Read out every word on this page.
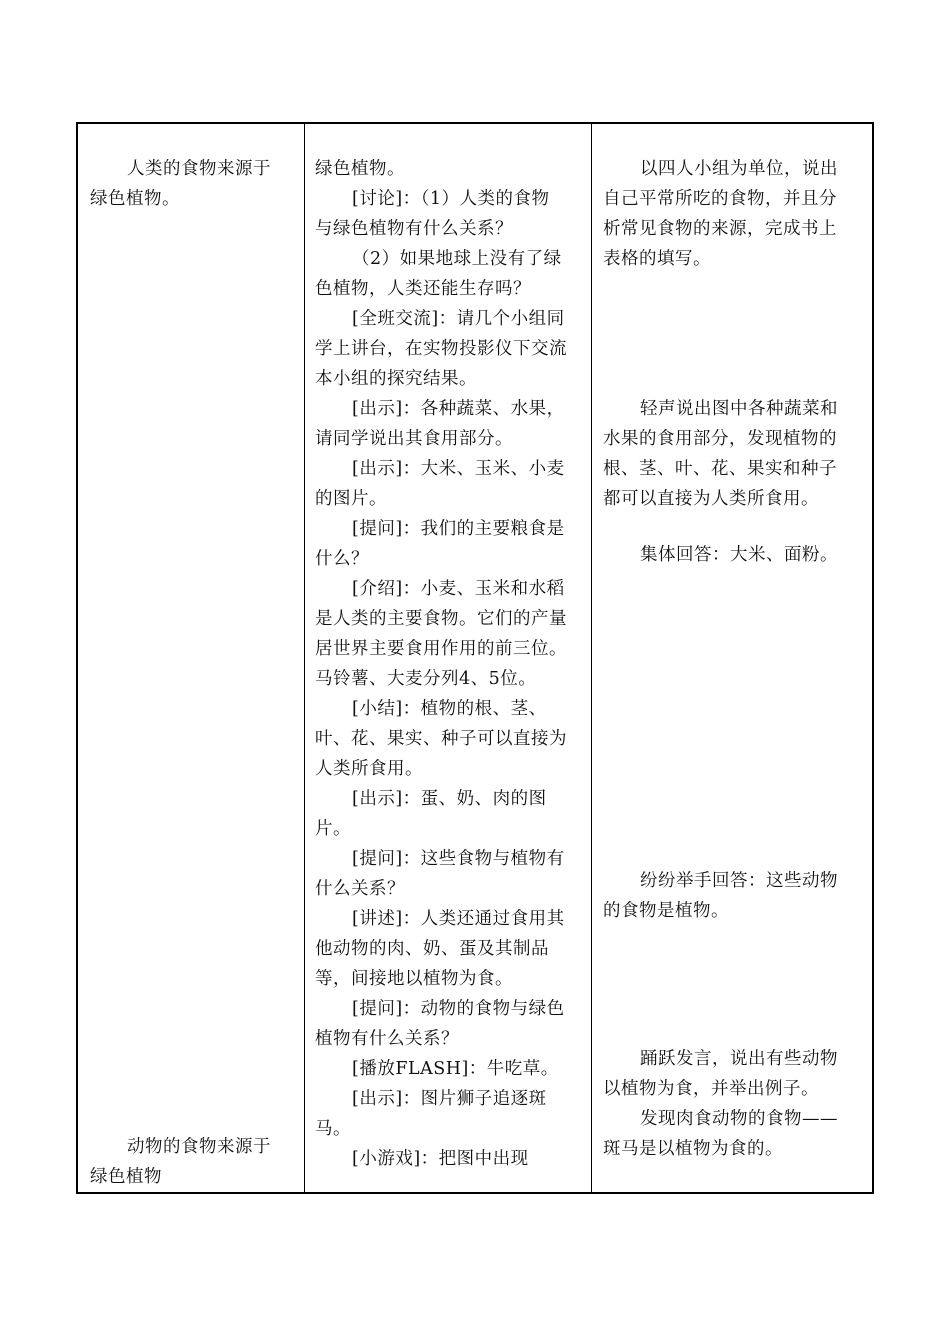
人类的食物来源于

绿色植物。

动物的食物来源于

绿色植物

绿色植物。

[讨论]：（1）人类的食物

与绿色植物有什么关系？

（2）如果地球上没有了绿

色植物，人类还能生存吗？

[全班交流]：请几个小组同

学上讲台，在实物投影仪下交流

本小组的探究结果。

[出示]：各种蔬菜、水果，

请同学说出其食用部分。

[出示]：大米、玉米、小麦

的图片。

[提问]：我们的主要粮食是

什么？

[介绍]：小麦、玉米和水稻

是人类的主要食物。它们的产量

居世界主要食用作用的前三位。

马铃薯、大麦分列4、5位。

[小结]：植物的根、茎、

叶、花、果实、种子可以直接为

人类所食用。

[出示]：蛋、奶、肉的图

片。

[提问]：这些食物与植物有

什么关系？

[讲述]：人类还通过食用其

他动物的肉、奶、蛋及其制品

等，间接地以植物为食。

[提问]：动物的食物与绿色

植物有什么关系？

[播放FLASH]：牛吃草。

[出示]：图片狮子追逐斑

马。

[小游戏]：把图中出现

以四人小组为单位，说出

自己平常所吃的食物，并且分

析常见食物的来源，完成书上

表格的填写。

轻声说出图中各种蔬菜和

水果的食用部分，发现植物的

根、茎、叶、花、果实和种子

都可以直接为人类所食用。

集体回答：大米、面粉。

纷纷举手回答：这些动物

的食物是植物。

踊跃发言，说出有些动物

以植物为食，并举出例子。

发现肉食动物的食物——

斑马是以植物为食的。
